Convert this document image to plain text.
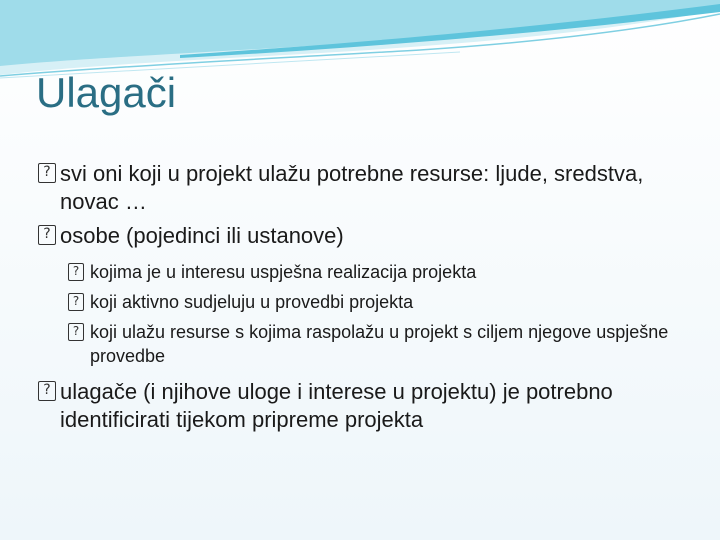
Ulagači
? svi oni koji u projekt ulažu potrebne resurse: ljude, sredstva, novac …
? osobe (pojedinci ili ustanove)
? kojima je u interesu uspješna realizacija projekta
? koji aktivno sudjeluju u provedbi projekta
? koji ulažu resurse s kojima raspolažu u projekt s ciljem njegove uspješne provedbe
? ulagače (i njihove uloge i interese u projektu) je potrebno identificirati tijekom pripreme projekta
